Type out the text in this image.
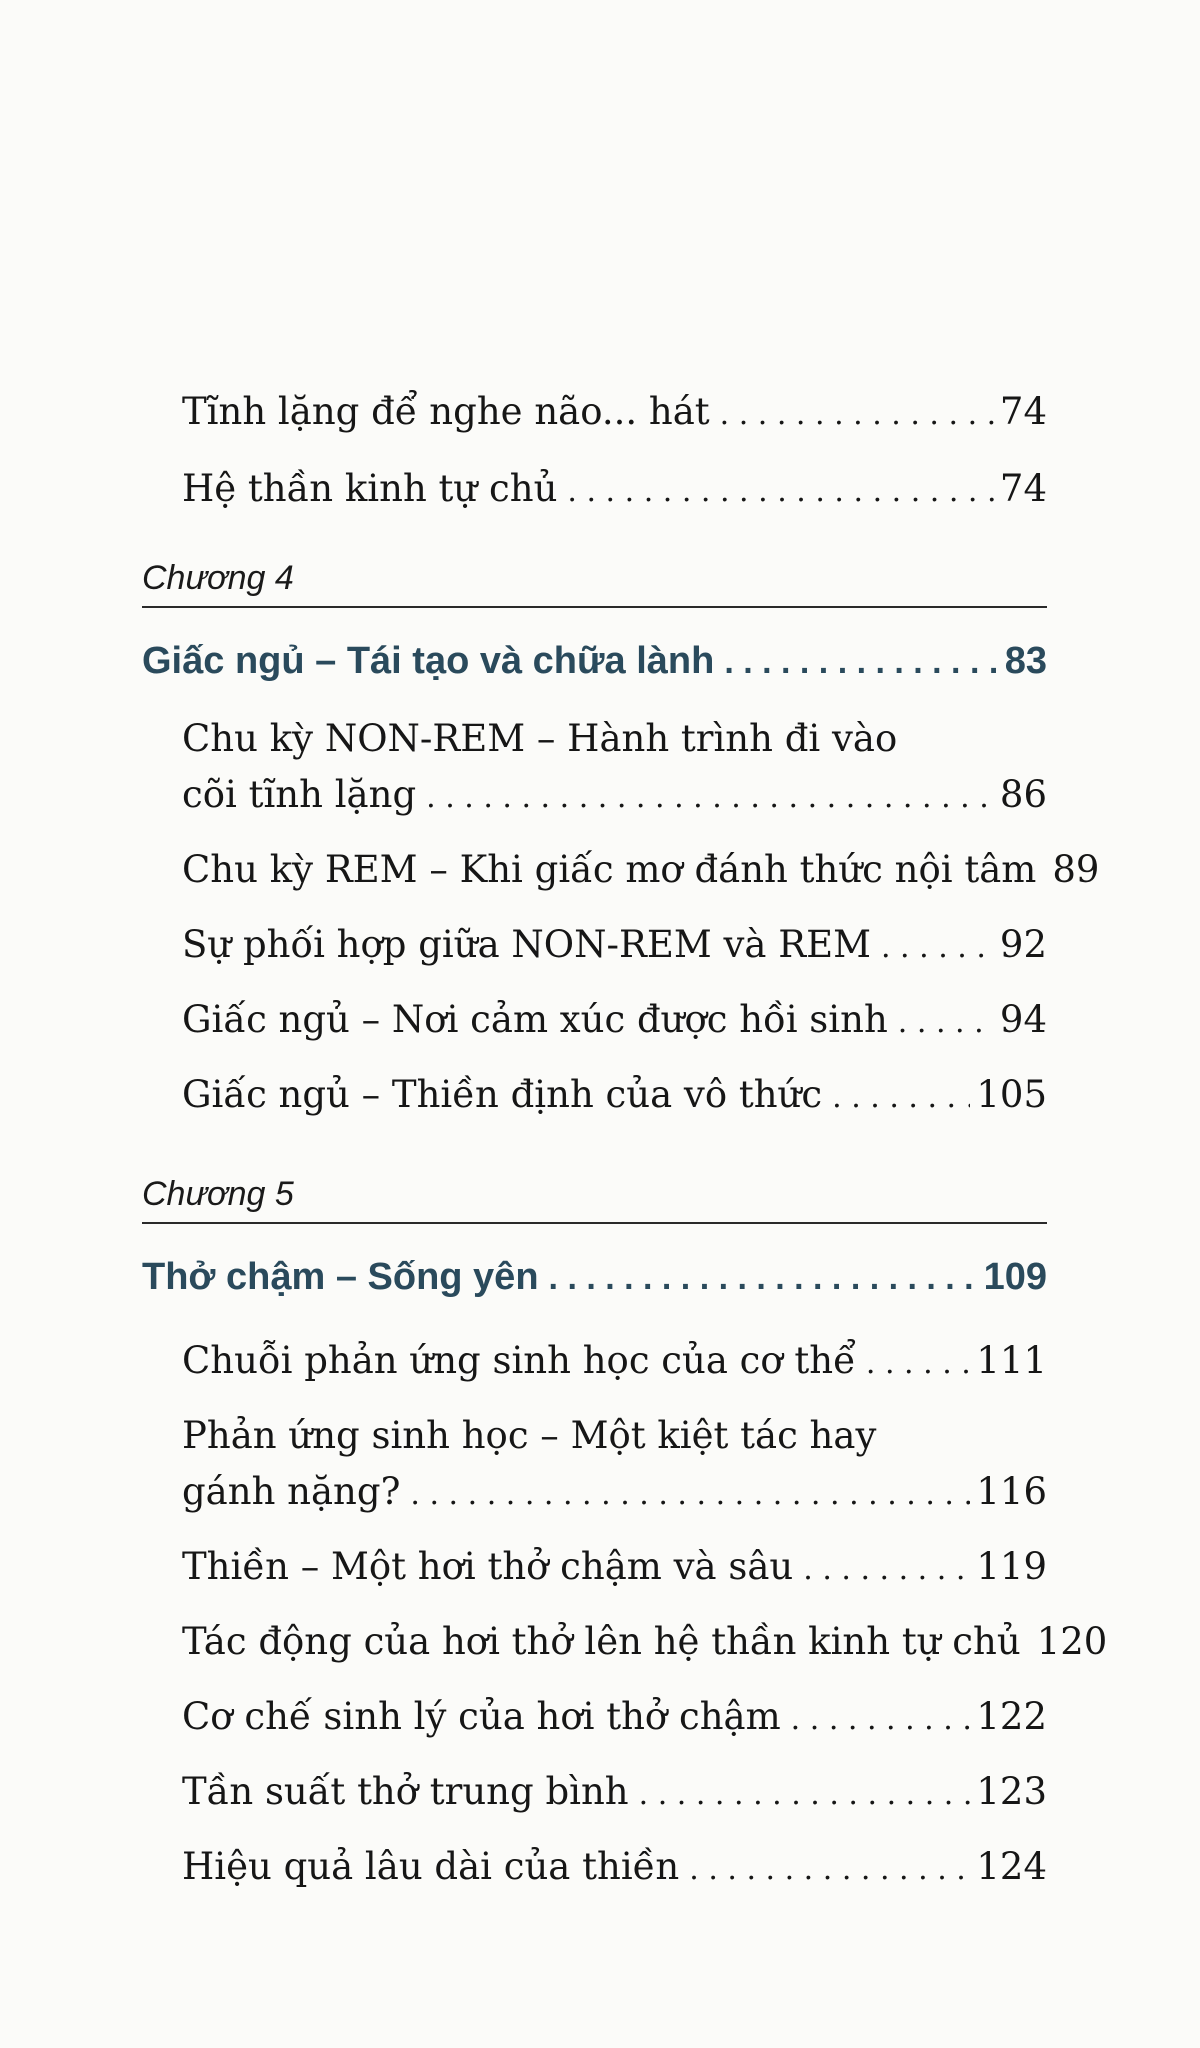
Tĩnh lặng để nghe não... hát . . .	74
Hệ thần kinh tự chủ . . .	74
Chương 4
Giấc ngủ – Tái tạo và chữa lành . . .	83
Chu kỳ NON-REM – Hành trình đi vào
cõi tĩnh lặng . . .	86
Chu kỳ REM – Khi giấc mơ đánh thức nội tâm 89
Sự phối hợp giữa NON-REM và REM . . .	92
Giấc ngủ – Nơi cảm xúc được hồi sinh . . .	94
Giấc ngủ – Thiền định của vô thức . . .	105
Chương 5
Thở chậm – Sống yên . . .	109
Chuỗi phản ứng sinh học của cơ thể . . .	111
Phản ứng sinh học – Một kiệt tác hay
gánh nặng? . . .	116
Thiền – Một hơi thở chậm và sâu . . .	119
Tác động của hơi thở lên hệ thần kinh tự chủ 120
Cơ chế sinh lý của hơi thở chậm . . .	122
Tần suất thở trung bình . . .	123
Hiệu quả lâu dài của thiền . . .	124
